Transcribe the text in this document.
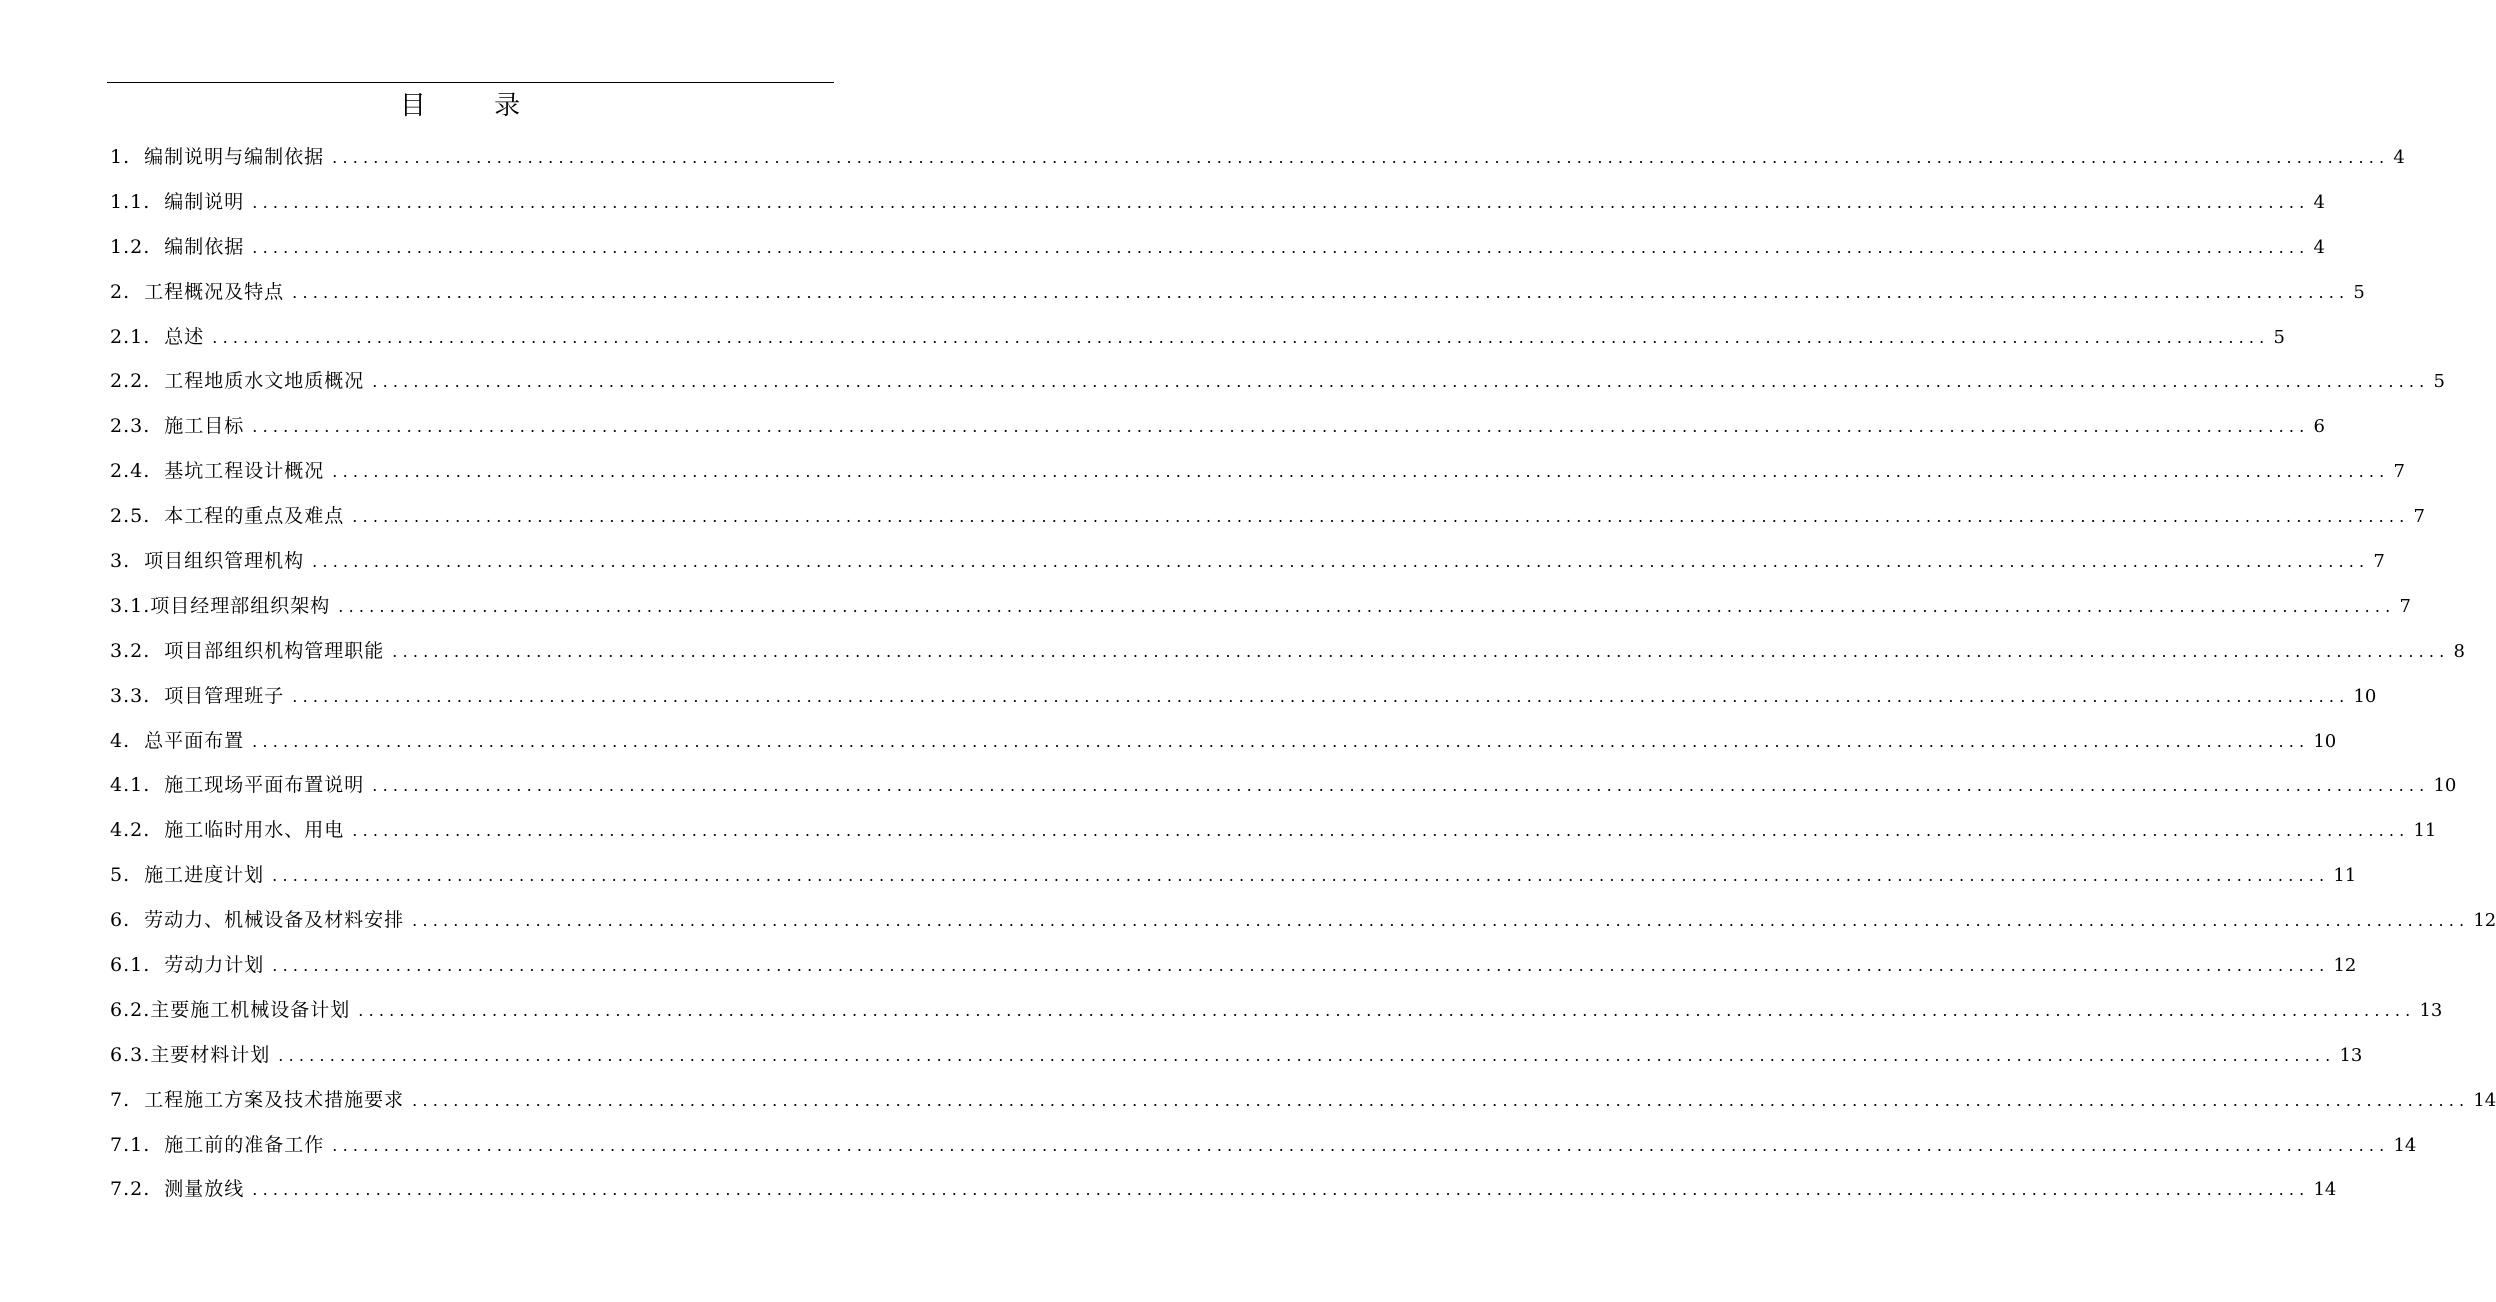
目 录
1. 编制说明与编制依据 ........................................................................................................................................................................................................ 4
1.1. 编制说明 ........................................................................................................................................................................................................ 4
1.2. 编制依据 ........................................................................................................................................................................................................ 4
2. 工程概况及特点 ........................................................................................................................................................................................................ 5
2.1. 总述 ........................................................................................................................................................................................................ 5
2.2. 工程地质水文地质概况 ........................................................................................................................................................................................................ 5
2.3. 施工目标 ........................................................................................................................................................................................................ 6
2.4. 基坑工程设计概况 ........................................................................................................................................................................................................ 7
2.5. 本工程的重点及难点 ........................................................................................................................................................................................................ 7
3. 项目组织管理机构 ........................................................................................................................................................................................................ 7
3.1. 项目经理部组织架构 ........................................................................................................................................................................................................ 7
3.2. 项目部组织机构管理职能 ........................................................................................................................................................................................................ 8
3.3. 项目管理班子 ........................................................................................................................................................................................................ 10
4. 总平面布置 ........................................................................................................................................................................................................ 10
4.1. 施工现场平面布置说明 ........................................................................................................................................................................................................ 10
4.2. 施工临时用水、用电 ........................................................................................................................................................................................................ 11
5. 施工进度计划 ........................................................................................................................................................................................................ 11
6. 劳动力、机械设备及材料安排 ........................................................................................................................................................................................................ 12
6.1. 劳动力计划 ........................................................................................................................................................................................................ 12
6.2. 主要施工机械设备计划 ........................................................................................................................................................................................................ 13
6.3. 主要材料计划 ........................................................................................................................................................................................................ 13
7. 工程施工方案及技术措施要求 ........................................................................................................................................................................................................ 14
7.1. 施工前的准备工作 ........................................................................................................................................................................................................ 14
7.2. 测量放线 ........................................................................................................................................................................................................ 14
